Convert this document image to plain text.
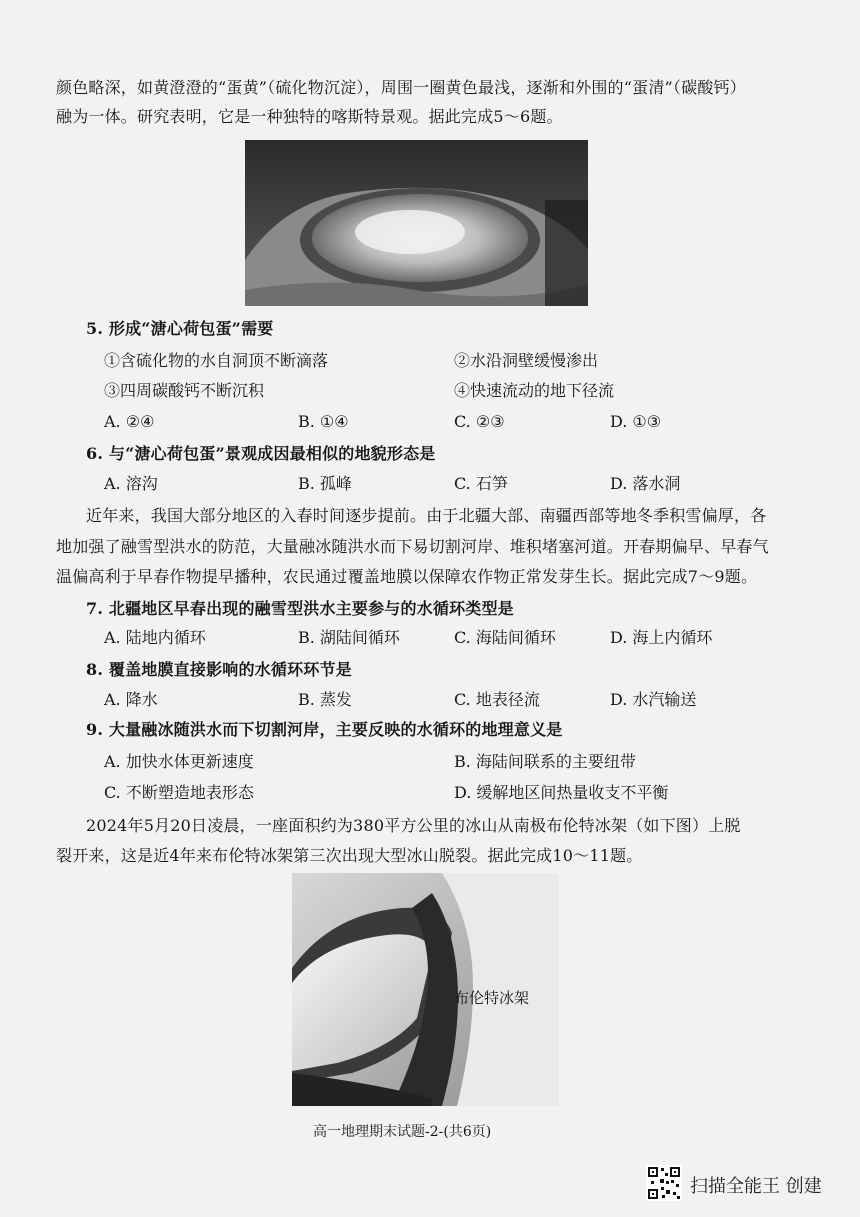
颜色略深，如黄澄澄的“蛋黄”（硫化物沉淀），周围一圈黄色最浅，逐渐和外围的“蛋清”（碳酸钙）
融为一体。研究表明，它是一种独特的喀斯特景观。据此完成5～6题。
5. 形成“溏心荷包蛋”需要
①含硫化物的水自洞顶不断滴落	②水沿洞壁缓慢渗出
③四周碳酸钙不断沉积	④快速流动的地下径流
A. ②④	B. ①④	C. ②③	D. ①③
6. 与“溏心荷包蛋”景观成因最相似的地貌形态是
A. 溶沟	B. 孤峰	C. 石笋	D. 落水洞
近年来，我国大部分地区的入春时间逐步提前。由于北疆大部、南疆西部等地冬季积雪偏厚，各
地加强了融雪型洪水的防范，大量融冰随洪水而下易切割河岸、堆积堵塞河道。开春期偏早、早春气
温偏高利于早春作物提早播种，农民通过覆盖地膜以保障农作物正常发芽生长。据此完成7～9题。
7. 北疆地区早春出现的融雪型洪水主要参与的水循环类型是
A. 陆地内循环	B. 湖陆间循环	C. 海陆间循环	D. 海上内循环
8. 覆盖地膜直接影响的水循环环节是
A. 降水	B. 蒸发	C. 地表径流	D. 水汽输送
9. 大量融冰随洪水而下切割河岸，主要反映的水循环的地理意义是
A. 加快水体更新速度	B. 海陆间联系的主要纽带
C. 不断塑造地表形态	D. 缓解地区间热量收支不平衡
2024年5月20日凌晨，一座面积约为380平方公里的冰山从南极布伦特冰架（如下图）上脱
裂开来，这是近4年来布伦特冰架第三次出现大型冰山脱裂。据此完成10～11题。
布伦特冰架
高一地理期末试题-2-(共6页)
扫描全能王 创建
